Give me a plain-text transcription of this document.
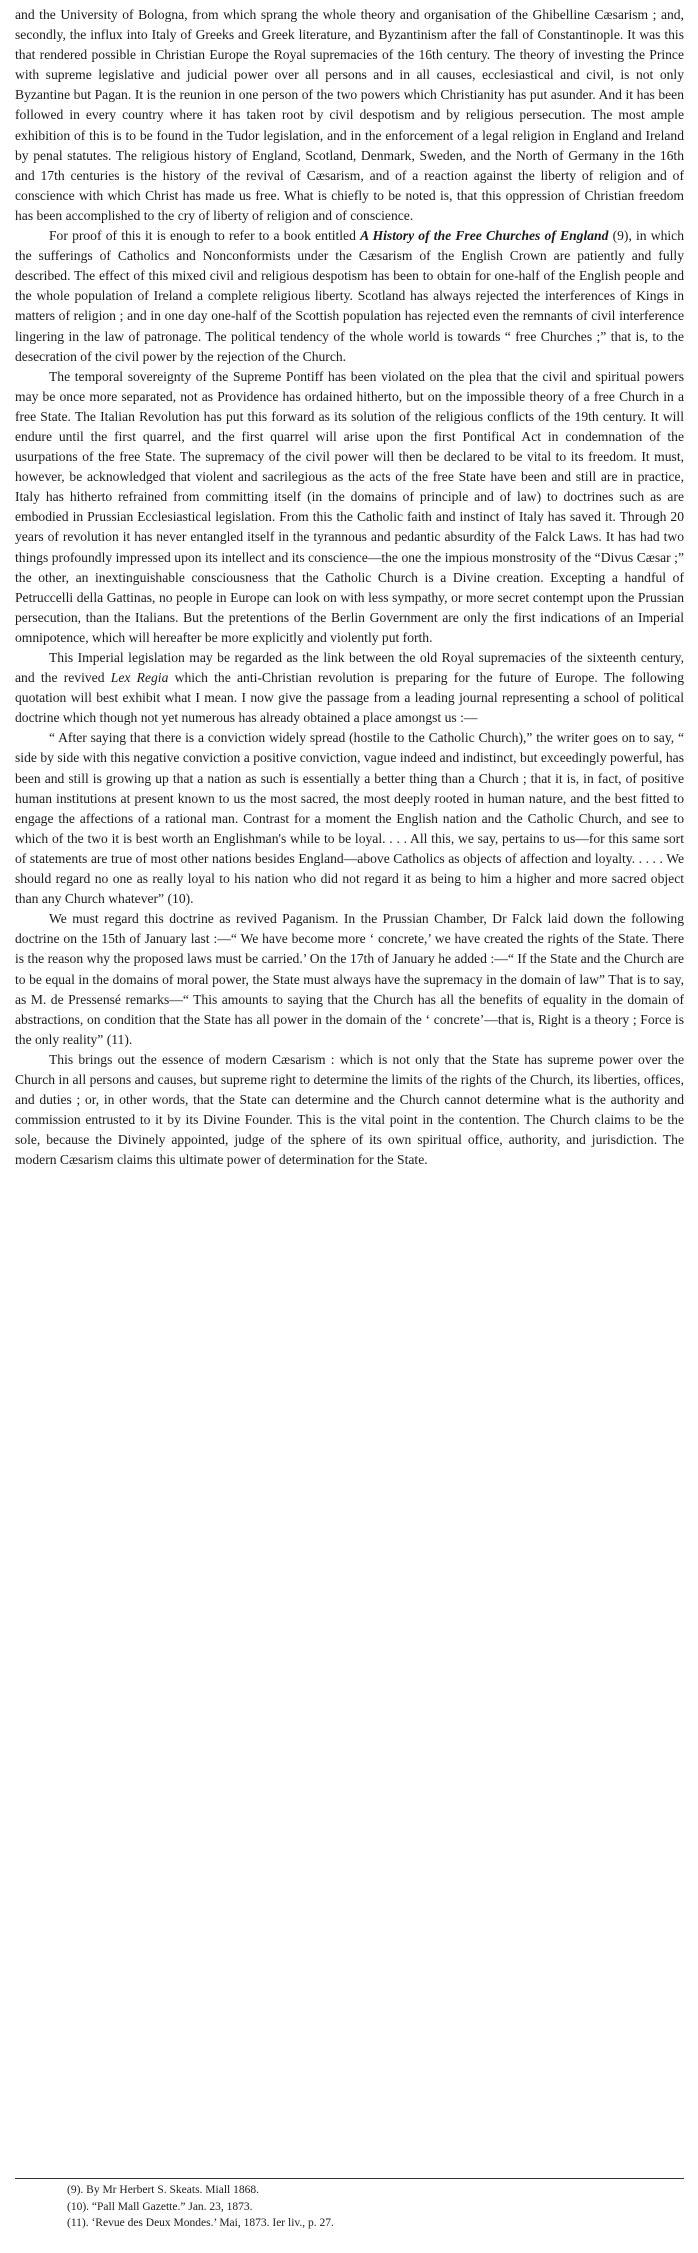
and the University of Bologna, from which sprang the whole theory and organisation of the Ghibelline Cæsarism ; and, secondly, the influx into Italy of Greeks and Greek literature, and Byzantinism after the fall of Constantinople. It was this that rendered possible in Christian Europe the Royal supremacies of the 16th century. The theory of investing the Prince with supreme legislative and judicial power over all persons and in all causes, ecclesiastical and civil, is not only Byzantine but Pagan. It is the reunion in one person of the two powers which Christianity has put asunder. And it has been followed in every country where it has taken root by civil despotism and by religious persecution. The most ample exhibition of this is to be found in the Tudor legislation, and in the enforcement of a legal religion in England and Ireland by penal statutes. The religious history of England, Scotland, Denmark, Sweden, and the North of Germany in the 16th and 17th centuries is the history of the revival of Cæsarism, and of a reaction against the liberty of religion and of conscience with which Christ has made us free. What is chiefly to be noted is, that this oppression of Christian freedom has been accomplished to the cry of liberty of religion and of conscience.

For proof of this it is enough to refer to a book entitled A History of the Free Churches of England (9), in which the sufferings of Catholics and Nonconformists under the Cæsarism of the English Crown are patiently and fully described. The effect of this mixed civil and religious despotism has been to obtain for one-half of the English people and the whole population of Ireland a complete religious liberty. Scotland has always rejected the interferences of Kings in matters of religion ; and in one day one-half of the Scottish population has rejected even the remnants of civil interference lingering in the law of patronage. The political tendency of the whole world is towards “ free Churches ;” that is, to the desecration of the civil power by the rejection of the Church.

The temporal sovereignty of the Supreme Pontiff has been violated on the plea that the civil and spiritual powers may be once more separated, not as Providence has ordained hitherto, but on the impossible theory of a free Church in a free State. The Italian Revolution has put this forward as its solution of the religious conflicts of the 19th century. It will endure until the first quarrel, and the first quarrel will arise upon the first Pontifical Act in condemnation of the usurpations of the free State. The supremacy of the civil power will then be declared to be vital to its freedom. It must, however, be acknowledged that violent and sacrilegious as the acts of the free State have been and still are in practice, Italy has hitherto refrained from committing itself (in the domains of principle and of law) to doctrines such as are embodied in Prussian Ecclesiastical legislation. From this the Catholic faith and instinct of Italy has saved it. Through 20 years of revolution it has never entangled itself in the tyrannous and pedantic absurdity of the Falck Laws. It has had two things profoundly impressed upon its intellect and its conscience—the one the impious monstrosity of the “Divus Cæsar ;” the other, an inextinguishable consciousness that the Catholic Church is a Divine creation. Excepting a handful of Petruccelli della Gattinas, no people in Europe can look on with less sympathy, or more secret contempt upon the Prussian persecution, than the Italians. But the pretentions of the Berlin Government are only the first indications of an Imperial omnipotence, which will hereafter be more explicitly and violently put forth.

This Imperial legislation may be regarded as the link between the old Royal supremacies of the sixteenth century, and the revived Lex Regia which the anti-Christian revolution is preparing for the future of Europe. The following quotation will best exhibit what I mean. I now give the passage from a leading journal representing a school of political doctrine which though not yet numerous has already obtained a place amongst us :—

“ After saying that there is a conviction widely spread (hostile to the Catholic Church),” the writer goes on to say, “ side by side with this negative conviction a positive conviction, vague indeed and indistinct, but exceedingly powerful, has been and still is growing up that a nation as such is essentially a better thing than a Church ; that it is, in fact, of positive human institutions at present known to us the most sacred, the most deeply rooted in human nature, and the best fitted to engage the affections of a rational man. Contrast for a moment the English nation and the Catholic Church, and see to which of the two it is best worth an Englishman's while to be loyal. . . . All this, we say, pertains to us—for this same sort of statements are true of most other nations besides England—above Catholics as objects of affection and loyalty. . . . . We should regard no one as really loyal to his nation who did not regard it as being to him a higher and more sacred object than any Church whatever” (10).

We must regard this doctrine as revived Paganism. In the Prussian Chamber, Dr Falck laid down the following doctrine on the 15th of January last :—“ We have become more ‘ concrete,’ we have created the rights of the State. There is the reason why the proposed laws must be carried.’ On the 17th of January he added :—“ If the State and the Church are to be equal in the domains of moral power, the State must always have the supremacy in the domain of law” That is to say, as M. de Pressensé remarks—“ This amounts to saying that the Church has all the benefits of equality in the domain of abstractions, on condition that the State has all power in the domain of the ‘ concrete’—that is, Right is a theory ; Force is the only reality” (11).

This brings out the essence of modern Cæsarism : which is not only that the State has supreme power over the Church in all persons and causes, but supreme right to determine the limits of the rights of the Church, its liberties, offices, and duties ; or, in other words, that the State can determine and the Church cannot determine what is the authority and commission entrusted to it by its Divine Founder. This is the vital point in the contention. The Church claims to be the sole, because the Divinely appointed, judge of the sphere of its own spiritual office, authority, and jurisdiction. The modern Cæsarism claims this ultimate power of determination for the State.

(9). By Mr Herbert S. Skeats. Miall 1868.

(10). “Pall Mall Gazette.” Jan. 23, 1873.

(11). ‘Revue des Deux Mondes.’ Mai, 1873. Ier liv., p. 27.
